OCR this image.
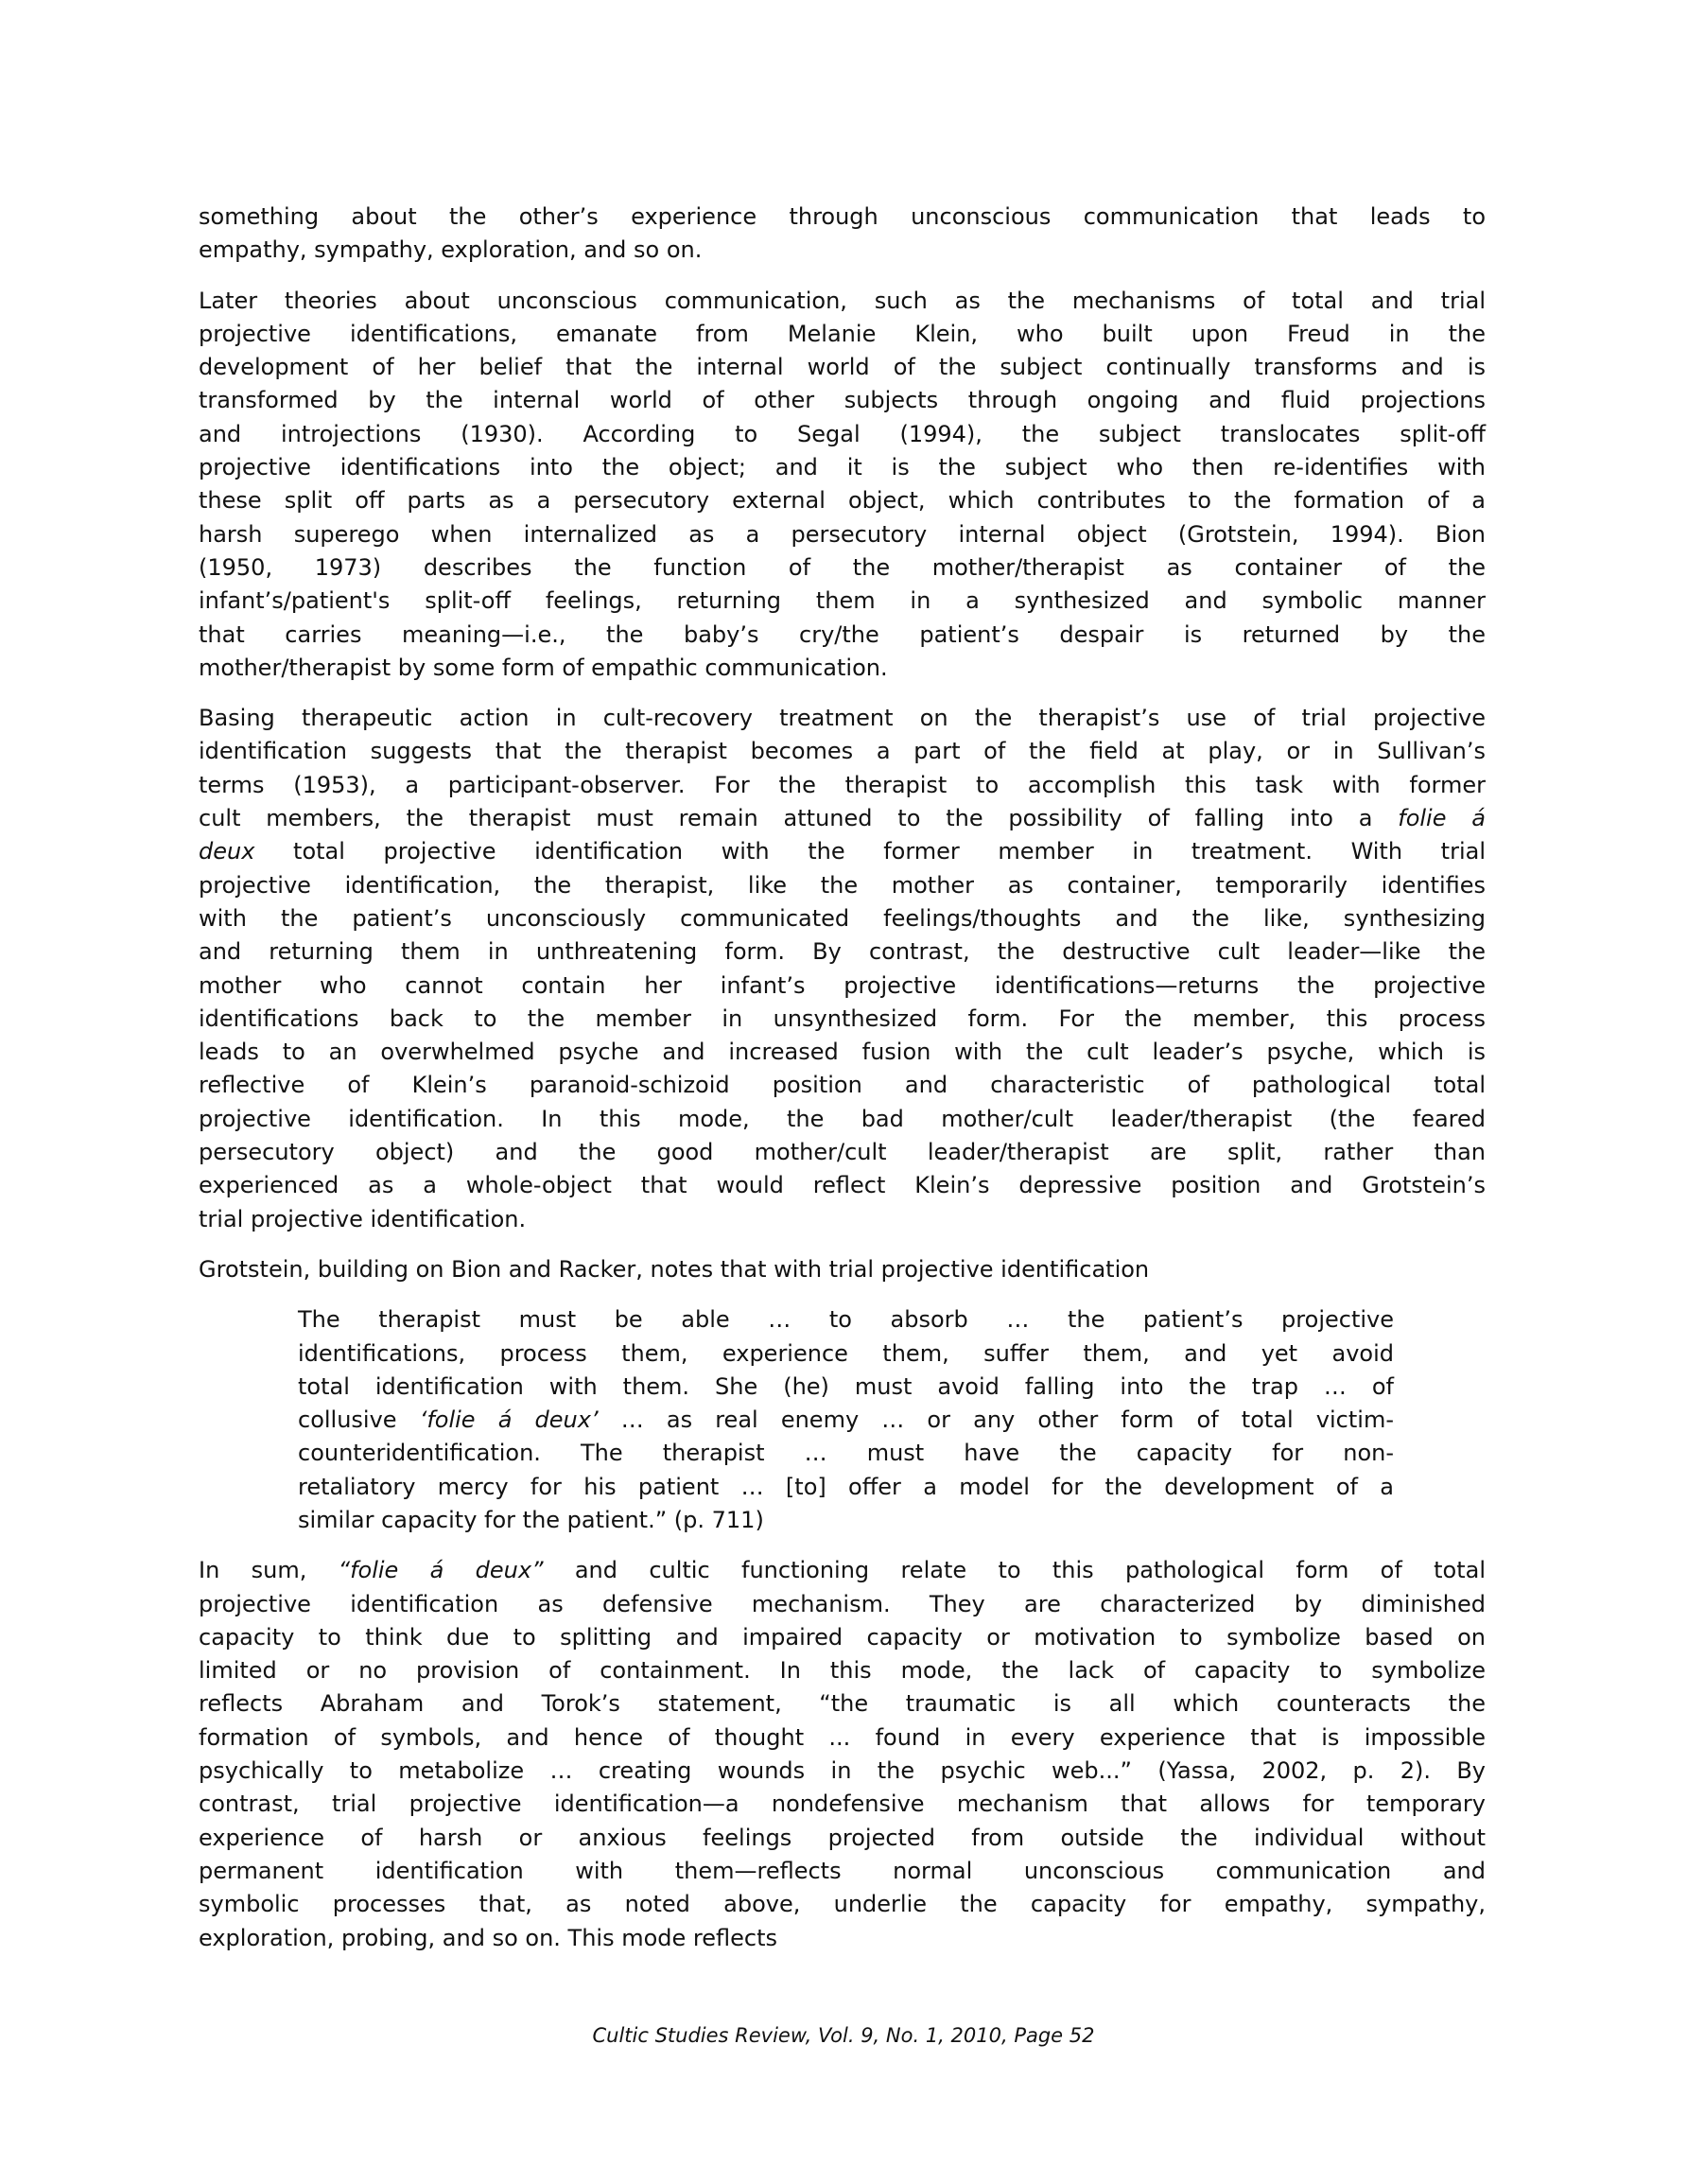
something about the other’s experience through unconscious communication that leads to
empathy, sympathy, exploration, and so on.
Later theories about unconscious communication, such as the mechanisms of total and trial
projective identifications, emanate from Melanie Klein, who built upon Freud in the
development of her belief that the internal world of the subject continually transforms and is
transformed by the internal world of other subjects through ongoing and fluid projections
and introjections (1930). According to Segal (1994), the subject translocates split-off
projective identifications into the object; and it is the subject who then re-identifies with
these split off parts as a persecutory external object, which contributes to the formation of a
harsh superego when internalized as a persecutory internal object (Grotstein, 1994). Bion
(1950, 1973) describes the function of the mother/therapist as container of the
infant’s/patient's split-off feelings, returning them in a synthesized and symbolic manner
that carries meaning—i.e., the baby’s cry/the patient’s despair is returned by the
mother/therapist by some form of empathic communication.
Basing therapeutic action in cult-recovery treatment on the therapist’s use of trial projective
identification suggests that the therapist becomes a part of the field at play, or in Sullivan’s
terms (1953), a participant-observer. For the therapist to accomplish this task with former
cult members, the therapist must remain attuned to the possibility of falling into a folie á
deux total projective identification with the former member in treatment. With trial
projective identification, the therapist, like the mother as container, temporarily identifies
with the patient’s unconsciously communicated feelings/thoughts and the like, synthesizing
and returning them in unthreatening form. By contrast, the destructive cult leader—like the
mother who cannot contain her infant’s projective identifications—returns the projective
identifications back to the member in unsynthesized form. For the member, this process
leads to an overwhelmed psyche and increased fusion with the cult leader’s psyche, which is
reflective of Klein’s paranoid-schizoid position and characteristic of pathological total
projective identification. In this mode, the bad mother/cult leader/therapist (the feared
persecutory object) and the good mother/cult leader/therapist are split, rather than
experienced as a whole-object that would reflect Klein’s depressive position and Grotstein’s
trial projective identification.
Grotstein, building on Bion and Racker, notes that with trial projective identification
The therapist must be able … to absorb … the patient’s projective
identifications, process them, experience them, suffer them, and yet avoid
total identification with them. She (he) must avoid falling into the trap … of
collusive ‘folie á deux’ … as real enemy … or any other form of total victim-
counteridentification. The therapist … must have the capacity for non-
retaliatory mercy for his patient … [to] offer a model for the development of a
similar capacity for the patient.” (p. 711)
In sum, “folie á deux” and cultic functioning relate to this pathological form of total
projective identification as defensive mechanism. They are characterized by diminished
capacity to think due to splitting and impaired capacity or motivation to symbolize based on
limited or no provision of containment. In this mode, the lack of capacity to symbolize
reflects Abraham and Torok’s statement, “the traumatic is all which counteracts the
formation of symbols, and hence of thought ... found in every experience that is impossible
psychically to metabolize … creating wounds in the psychic web...” (Yassa, 2002, p. 2). By
contrast, trial projective identification—a nondefensive mechanism that allows for temporary
experience of harsh or anxious feelings projected from outside the individual without
permanent identification with them—reflects normal unconscious communication and
symbolic processes that, as noted above, underlie the capacity for empathy, sympathy,
exploration, probing, and so on. This mode reflects
Cultic Studies Review, Vol. 9, No. 1, 2010, Page 52
